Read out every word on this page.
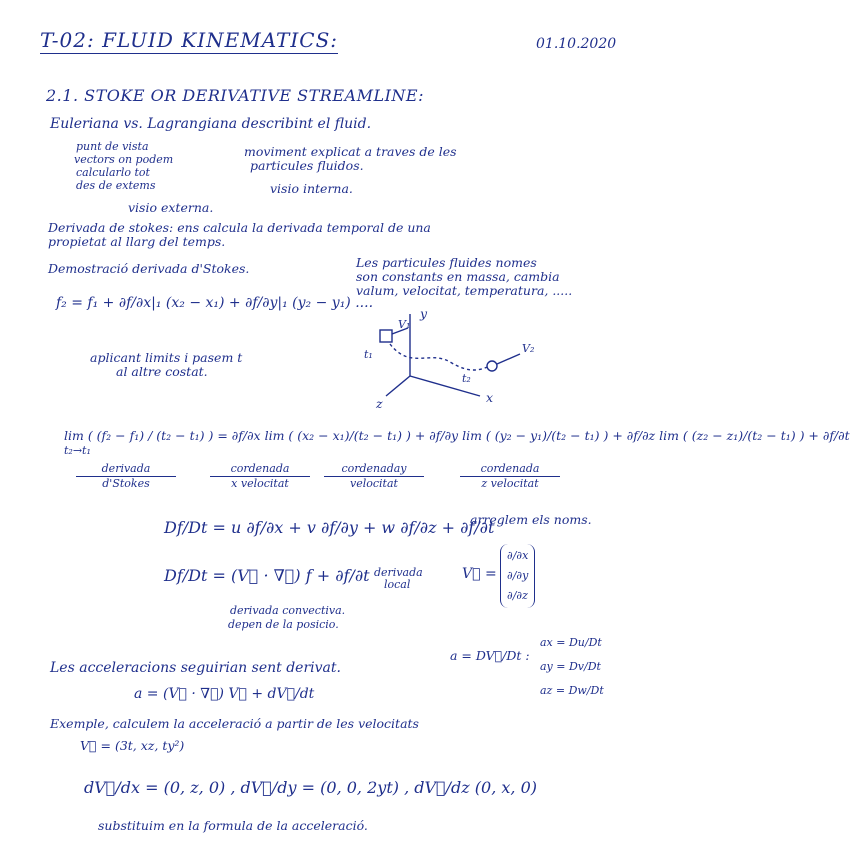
T-02: FLUID KINEMATICS:	01.10.2020
2.1. STOKE OR DERIVATIVE STREAMLINE:
Euleriana vs. Lagrangiana describint el fluid.
punt de vista
vectors on podem
calcularlo tot
des de extems
moviment explicat a traves de les
particules fluidos.
visio interna.
visio externa.
Derivada de stokes: ens calcula la derivada temporal de una
propietat al llarg del temps.
Demostració derivada d'Stokes.	Les particules fluides nomes
son constants en massa, cambia
valum, velocitat, temperatura, .....
f₂ = f₁ + ∂f/∂x|₁ (x₂ − x₁) + ∂f/∂y|₁ (y₂ − y₁) ....
y
x
z
V₁
V₂
t₁
t₂
aplicant limits i pasem t
al altre costat.
lim ( (f₂ − f₁) / (t₂ − t₁) ) = ∂f/∂x lim ( (x₂ − x₁)/(t₂ − t₁) ) + ∂f/∂y lim ( (y₂ − y₁)/(t₂ − t₁) ) + ∂f/∂z lim ( (z₂ − z₁)/(t₂ − t₁) ) + ∂f/∂t
t₂→t₁
derivada
d'Stokes
cordenada
x velocitat
cordenaday
velocitat
cordenada
z velocitat
Df/Dt = u ∂f/∂x + v ∂f/∂y + w ∂f/∂z + ∂f/∂t
arreglem els noms.
Df/Dt = (V⃗ · ∇⃗) f + ∂f/∂t derivada
local
V⃗ =
∂/∂x
∂/∂y
∂/∂z
derivada convectiva.
depen de la posicio.
a = DV⃗/Dt :
ax = Du/Dt
ay = Dv/Dt
az = Dw/Dt
Les acceleracions seguirian sent derivat.
a = (V⃗ · ∇⃗) V⃗ + dV⃗/dt
Exemple, calculem la acceleració a partir de les velocitats
V⃗ = (3t, xz, ty²)
dV⃗/dx = (0, z, 0) , dV⃗/dy = (0, 0, 2yt) , dV⃗/dz (0, x, 0)
substituim en la formula de la acceleració.
